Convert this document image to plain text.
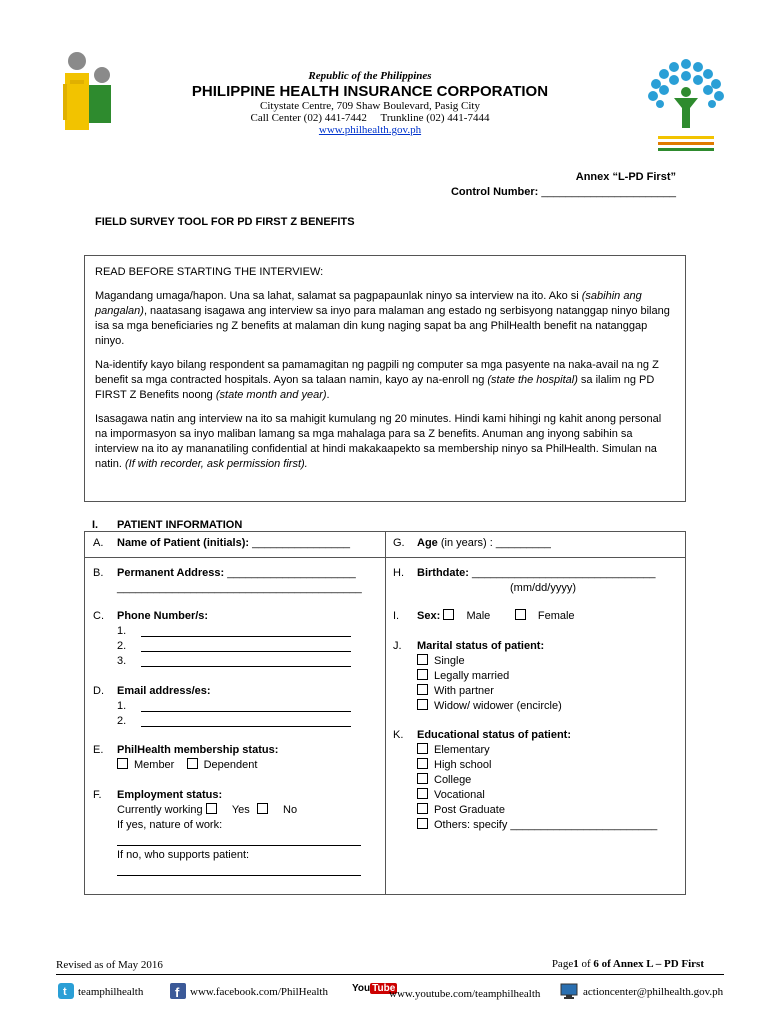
Republic of the Philippines
PHILIPPINE HEALTH INSURANCE CORPORATION
Citystate Centre, 709 Shaw Boulevard, Pasig City
Call Center (02) 441-7442 Trunkline (02) 441-7444
www.philhealth.gov.ph
Annex “L-PD First”
Control Number: ______________________
FIELD SURVEY TOOL FOR PD FIRST Z BENEFITS

READ BEFORE STARTING THE INTERVIEW:

Magandang umaga/hapon. Una sa lahat, salamat sa pagpapaunlak ninyo sa interview na ito. Ako si (sabihin ang pangalan), naatasang isagawa ang interview sa inyo para malaman ang estado ng serbisyong natanggap ninyo bilang isa sa mga beneficiaries ng Z benefits at malaman din kung naging sapat ba ang PhilHealth benefit na natanggap ninyo.

Na-identify kayo bilang respondent sa pamamagitan ng pagpili ng computer sa mga pasyente na naka-avail na ng Z benefit sa mga contracted hospitals. Ayon sa talaan namin, kayo ay na-enroll ng (state the hospital) sa ilalim ng PD FIRST Z Benefits noong (state month and year).

Isasagawa natin ang interview na ito sa mahigit kumulang ng 20 minutes. Hindi kami hihingi ng kahit anong personal na impormasyon sa inyo maliban lamang sa mga mahalaga para sa Z benefits. Anuman ang inyong sabihin sa interview na ito ay mananatiling confidential at hindi makakaapekto sa membership ninyo sa PhilHealth. Simulan na natin. (If with recorder, ask permission first).

I. PATIENT INFORMATION
A. Name of Patient (initials): ________________
B. Permanent Address: _____________________
________________________________________
C. Phone Number/s:
1.
2.
3.
D. Email address/es:
1.
2.
E. PhilHealth membership status:
Member	Dependent
F. Employment status:
Currently working	Yes	No
If yes, nature of work:
If no, who supports patient:
G. Age (in years) : _________
H. Birthdate: ______________________________
(mm/dd/yyyy)
I. Sex: Male	Female
J. Marital status of patient:
Single
Legally married
With partner
Widow/ widower (encircle)
K. Educational status of patient:
Elementary
High school
College
Vocational
Post Graduate
Others: specify ________________________
Revised as of May 2016	Page1 of 6 of Annex L – PD First
t teamphilhealth f www.facebook.com/PhilHealth You Tube
www.youtube.com/teamphilhealth	actioncenter@philhealth.gov.ph
